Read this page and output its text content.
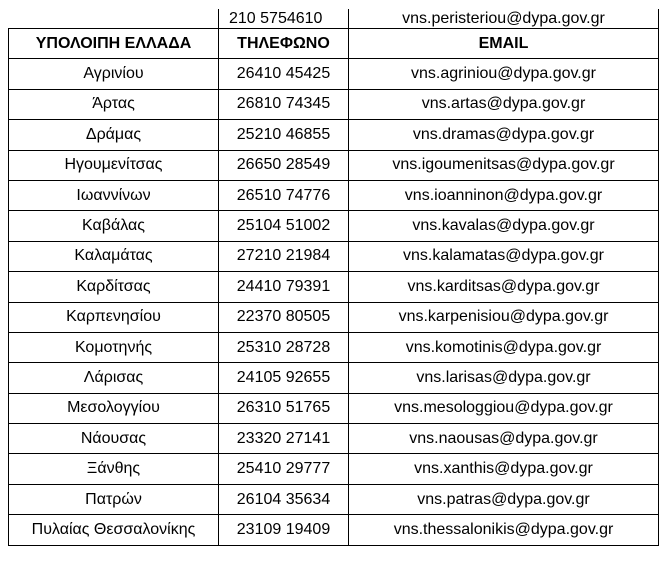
	210 5754610	vns.peristeriou@dypa.gov.gr
ΥΠΟΛΟΙΠΗ ΕΛΛΑΔΑ	ΤΗΛΕΦΩΝΟ	EMAIL
Αγρινίου	26410 45425	vns.agriniou@dypa.gov.gr
Άρτας	26810 74345	vns.artas@dypa.gov.gr
Δράμας	25210 46855	vns.dramas@dypa.gov.gr
Ηγουμενίτσας	26650 28549	vns.igoumenitsas@dypa.gov.gr
Ιωαννίνων	26510 74776	vns.ioanninon@dypa.gov.gr
Καβάλας	25104 51002	vns.kavalas@dypa.gov.gr
Καλαμάτας	27210 21984	vns.kalamatas@dypa.gov.gr
Καρδίτσας	24410 79391	vns.karditsas@dypa.gov.gr
Καρπενησίου	22370 80505	vns.karpenisiou@dypa.gov.gr
Κομοτηνής	25310 28728	vns.komotinis@dypa.gov.gr
Λάρισας	24105 92655	vns.larisas@dypa.gov.gr
Μεσολογγίου	26310 51765	vns.mesologgiou@dypa.gov.gr
Νάουσας	23320 27141	vns.naousas@dypa.gov.gr
Ξάνθης	25410 29777	vns.xanthis@dypa.gov.gr
Πατρών	26104 35634	vns.patras@dypa.gov.gr
Πυλαίας Θεσσαλονίκης	23109 19409	vns.thessalonikis@dypa.gov.gr
